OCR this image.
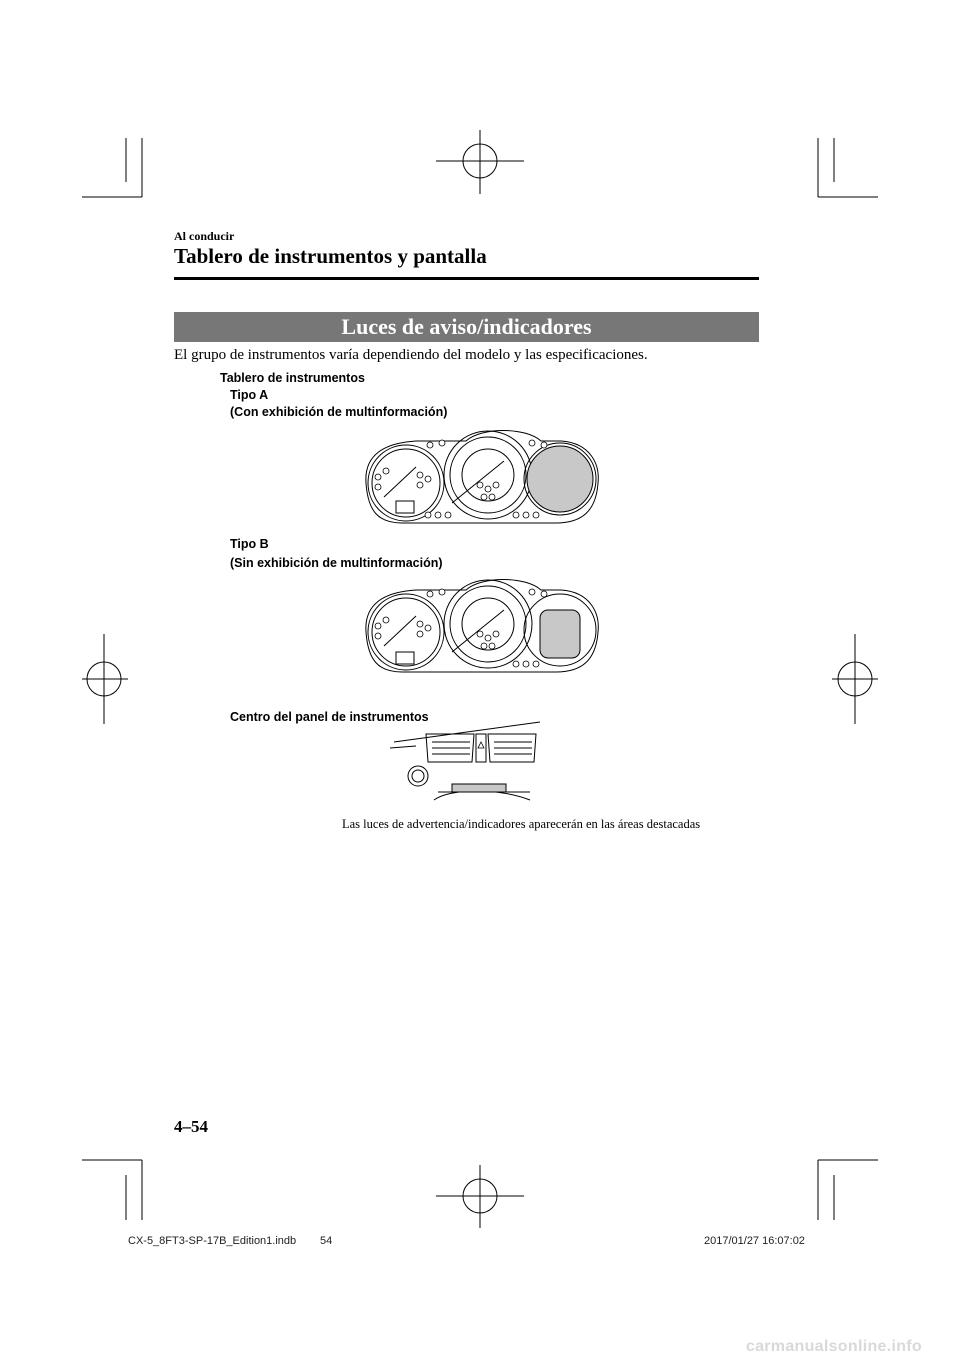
Al conducir
Tablero de instrumentos y pantalla
Luces de aviso/indicadores
El grupo de instrumentos varía dependiendo del modelo y las especificaciones.
Tablero de instrumentos
Tipo A
(Con exhibición de multinformación)
Tipo B
(Sin exhibición de multinformación)
Centro del panel de instrumentos
Las luces de advertencia/indicadores aparecerán en las áreas destacadas
4–54
CX-5_8FT3-SP-17B_Edition1.indb 54	2017/01/27 16:07:02
carmanualsonline.info
